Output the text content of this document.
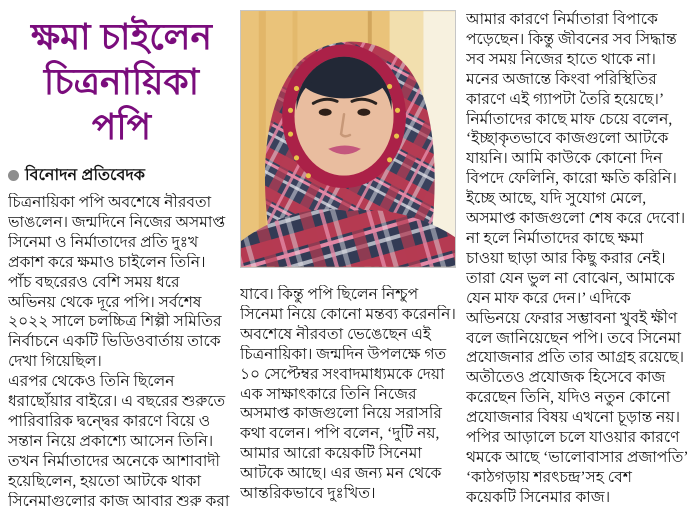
ক্ষমা চাইলেন
চিত্রনায়িকা
পপি
বিনোদন প্রতিবেদক
চিত্রনায়িকা পপি অবশেষে নীরবতা
ভাঙলেন। জন্মদিনে নিজের অসমাপ্ত
সিনেমা ও নির্মাতাদের প্রতি দুঃখ
প্রকাশ করে ক্ষমাও চাইলেন তিনি।
পাঁচ বছরেরও বেশি সময় ধরে
অভিনয় থেকে দূরে পপি। সর্বশেষ
২০২২ সালে চলচ্চিত্র শিল্পী সমিতির
নির্বাচনে একটি ভিডিওবার্তায় তাকে
দেখা গিয়েছিল।
এরপর থেকেও তিনি ছিলেন
ধরাছোঁয়ার বাইরে। এ বছরের শুরুতে
পারিবারিক দ্বন্দ্বের কারণে বিয়ে ও
সন্তান নিয়ে প্রকাশ্যে আসেন তিনি।
তখন নির্মাতাদের অনেকে আশাবাদী
হয়েছিলেন, হয়তো আটকে থাকা
সিনেমাগুলোর কাজ আবার শুরু করা
যাবে। কিন্তু পপি ছিলেন নিশ্চুপ
সিনেমা নিয়ে কোনো মন্তব্য করেননি।
অবশেষে নীরবতা ভেঙেছেন এই
চিত্রনায়িকা। জন্মদিন উপলক্ষে গত
১০ সেপ্টেম্বর সংবাদমাধ্যমকে দেয়া
এক সাক্ষাৎকারে তিনি নিজের
অসমাপ্ত কাজগুলো নিয়ে সরাসরি
কথা বলেন। পপি বলেন, ‘দুটি নয়,
আমার আরো কয়েকটি সিনেমা
আটকে আছে। এর জন্য মন থেকে
আন্তরিকভাবে দুঃখিত।
আমার কারণে নির্মাতারা বিপাকে
পড়েছেন। কিন্তু জীবনের সব সিদ্ধান্ত
সব সময় নিজের হাতে থাকে না।
মনের অজান্তে কিংবা পরিস্থিতির
কারণে এই গ্যাপটা তৈরি হয়েছে।’
নির্মাতাদের কাছে মাফ চেয়ে বলেন,
‘ইচ্ছাকৃতভাবে কাজগুলো আটকে
যায়নি। আমি কাউকে কোনো দিন
বিপদে ফেলিনি, কারো ক্ষতি করিনি।
ইচ্ছে আছে, যদি সুযোগ মেলে,
অসমাপ্ত কাজগুলো শেষ করে দেবো।
না হলে নির্মাতাদের কাছে ক্ষমা
চাওয়া ছাড়া আর কিছু করার নেই।
তারা যেন ভুল না বোঝেন, আমাকে
যেন মাফ করে দেন।’ এদিকে
অভিনয়ে ফেরার সম্ভাবনা খুবই ক্ষীণ
বলে জানিয়েছেন পপি। তবে সিনেমা
প্রযোজনার প্রতি তার আগ্রহ রয়েছে।
অতীতেও প্রযোজক হিসেবে কাজ
করেছেন তিনি, যদিও নতুন কোনো
প্রযোজনার বিষয় এখনো চূড়ান্ত নয়।
পপির আড়ালে চলে যাওয়ার কারণে
থমকে আছে ‘ভালোবাসার প্রজাপতি’
‘কাঠগড়ায় শরৎচন্দ্র’সহ বেশ
কয়েকটি সিনেমার কাজ।
